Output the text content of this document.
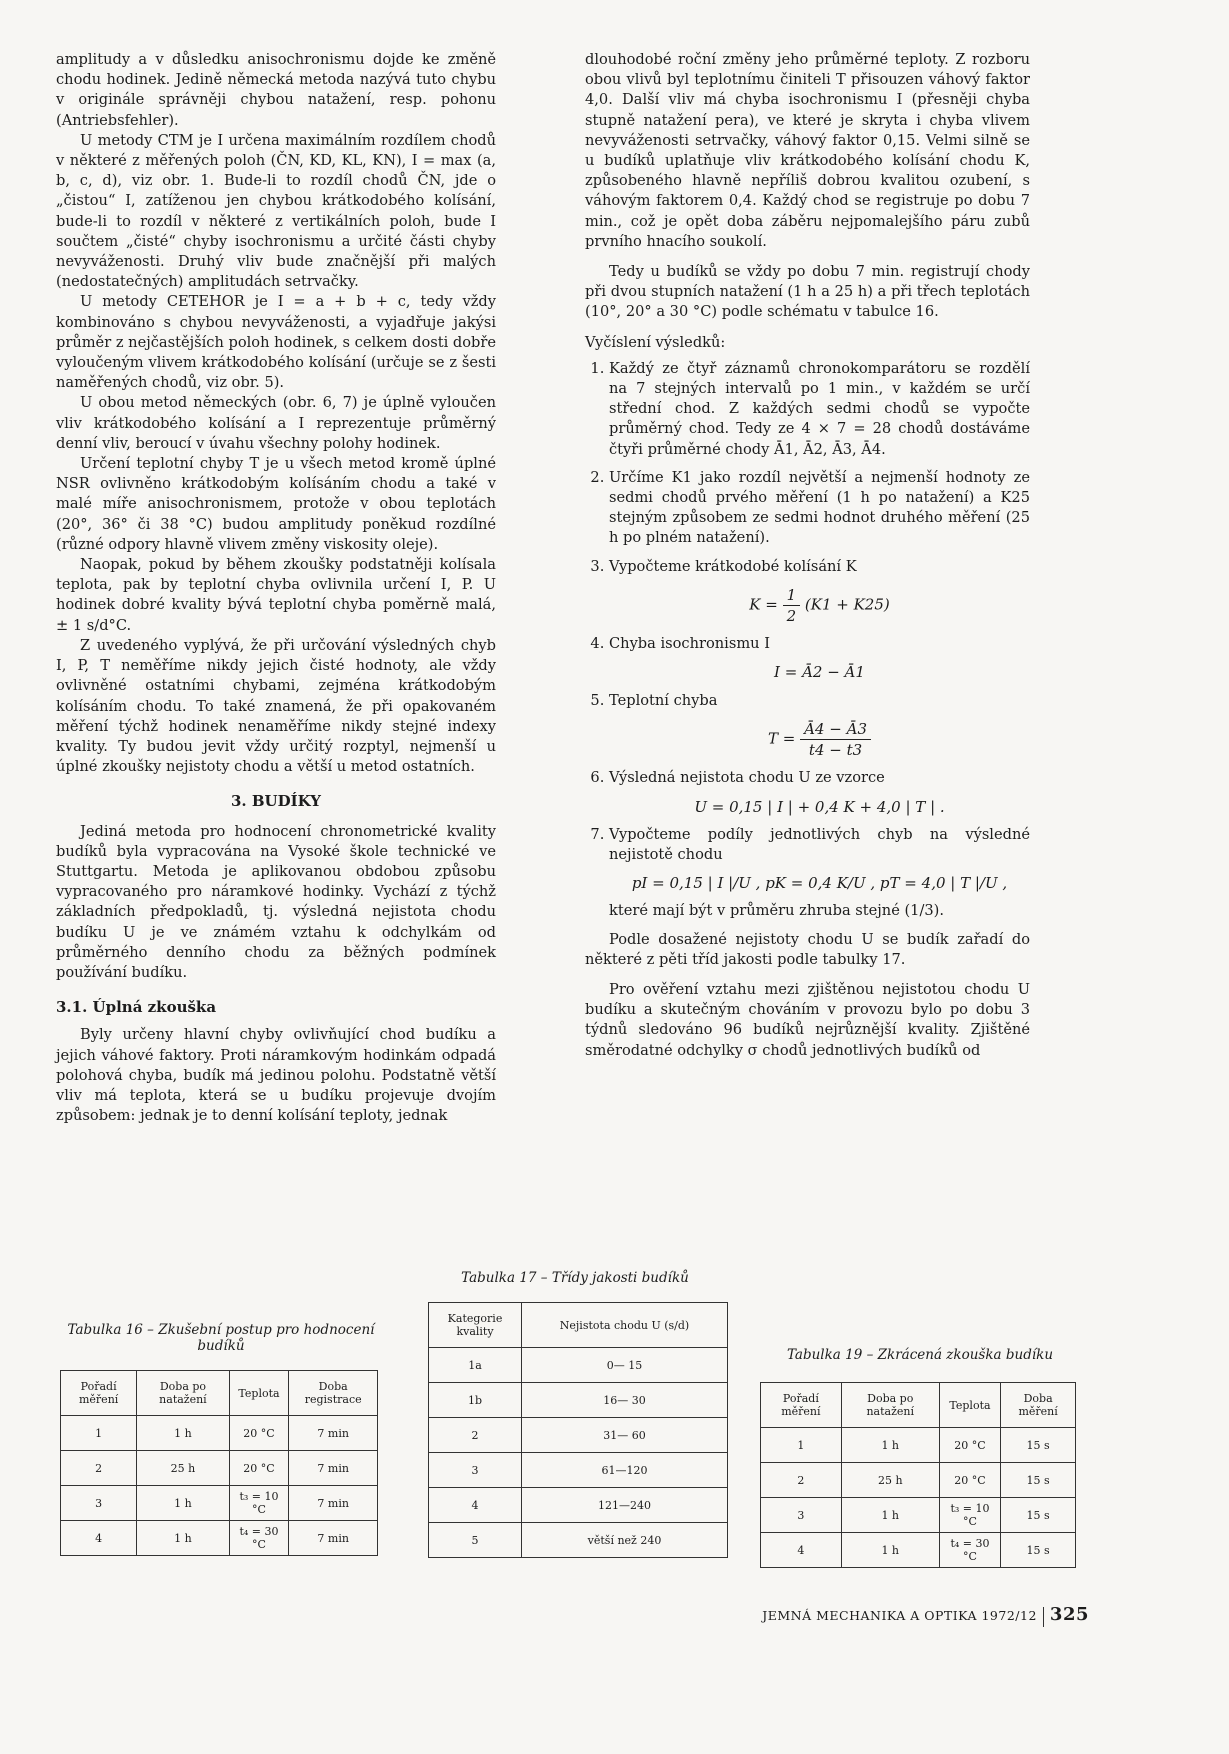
amplitudy a v důsledku anisochronismu dojde ke změně chodu hodinek. Jedině německá metoda nazývá tuto chybu v originále správněji chybou natažení, resp. pohonu (Antriebsfehler).

U metody CTM je I určena maximálním rozdílem chodů v některé z měřených poloh (ČN, KD, KL, KN), I = max (a, b, c, d), viz obr. 1. Bude-li to rozdíl chodů ČN, jde o „čistou“ I, zatíženou jen chybou krátkodobého kolísání, bude-li to rozdíl v některé z vertikálních poloh, bude I součtem „čisté“ chyby isochronismu a určité části chyby nevyváženosti. Druhý vliv bude značnější při malých (nedostatečných) amplitudách setrvačky.

U metody CETEHOR je I = a + b + c, tedy vždy kombinováno s chybou nevyváženosti, a vyjadřuje jakýsi průměr z nejčastějších poloh hodinek, s celkem dosti dobře vyloučeným vlivem krátkodobého kolísání (určuje se z šesti naměřených chodů, viz obr. 5).

U obou metod německých (obr. 6, 7) je úplně vyloučen vliv krátkodobého kolísání a I reprezentuje průměrný denní vliv, beroucí v úvahu všechny polohy hodinek.

Určení teplotní chyby T je u všech metod kromě úplné NSR ovlivněno krátkodobým kolísáním chodu a také v malé míře anisochronismem, protože v obou teplotách (20°, 36° či 38 °C) budou amplitudy poněkud rozdílné (různé odpory hlavně vlivem změny viskosity oleje).

Naopak, pokud by během zkoušky podstatněji kolísala teplota, pak by teplotní chyba ovlivnila určení I, P. U hodinek dobré kvality bývá teplotní chyba poměrně malá, ± 1 s/d°C.

Z uvedeného vyplývá, že při určování výsledných chyb I, P, T neměříme nikdy jejich čisté hodnoty, ale vždy ovlivněné ostatními chybami, zejména krátkodobým kolísáním chodu. To také znamená, že při opakovaném měření týchž hodinek nenaměříme nikdy stejné indexy kvality. Ty budou jevit vždy určitý rozptyl, nejmenší u úplné zkoušky nejistoty chodu a větší u metod ostatních.

3. BUDÍKY

Jediná metoda pro hodnocení chronometrické kvality budíků byla vypracována na Vysoké škole technické ve Stuttgartu. Metoda je aplikovanou obdobou způsobu vypracovaného pro náramkové hodinky. Vychází z týchž základních předpokladů, tj. výsledná nejistota chodu budíku U je ve známém vztahu k odchylkám od průměrného denního chodu za běžných podmínek používání budíku.

3.1. Úplná zkouška

Byly určeny hlavní chyby ovlivňující chod budíku a jejich váhové faktory. Proti náramkovým hodinkám odpadá polohová chyba, budík má jedinou polohu. Podstatně větší vliv má teplota, která se u budíku projevuje dvojím způsobem: jednak je to denní kolísání teploty, jednak

dlouhodobé roční změny jeho průměrné teploty. Z rozboru obou vlivů byl teplotnímu činiteli T přisouzen váhový faktor 4,0. Další vliv má chyba isochronismu I (přesněji chyba stupně natažení pera), ve které je skryta i chyba vlivem nevyváženosti setrvačky, váhový faktor 0,15. Velmi silně se u budíků uplatňuje vliv krátkodobého kolísání chodu K, způsobeného hlavně nepříliš dobrou kvalitou ozubení, s váhovým faktorem 0,4. Každý chod se registruje po dobu 7 min., což je opět doba záběru nejpomalejšího páru zubů prvního hnacího soukolí.

Tedy u budíků se vždy po dobu 7 min. registrují chody při dvou stupních natažení (1 h a 25 h) a při třech teplotách (10°, 20° a 30 °C) podle schématu v tabulce 16.

Vyčíslení výsledků:

1. Každý ze čtyř záznamů chronokomparátoru se rozdělí na 7 stejných intervalů po 1 min., v každém se určí střední chod. Z každých sedmi chodů se vypočte průměrný chod. Tedy ze 4 × 7 = 28 chodů dostáváme čtyři průměrné chody Ā1, Ā2, Ā3, Ā4.
2. Určíme K1 jako rozdíl největší a nejmenší hodnoty ze sedmi chodů prvého měření (1 h po natažení) a K25 stejným způsobem ze sedmi hodnot druhého měření (25 h po plném natažení).
3. Vypočteme krátkodobé kolísání K
$K = \frac{1}{2} (K1 + K25)$
4. Chyba isochronismu I
I = Ā2 − Ā1
5. Teplotní chyba
$T = \frac{Ā4 - Ā3}{t4 - t3}$
6. Výsledná nejistota chodu U ze vzorce
U = 0,15 | I | + 0,4 K + 4,0 | T | .
7. Vypočteme podíly jednotlivých chyb na výsledné nejistotě chodu
pI = 0,15 | I |/U , pK = 0,4 K/U , pT = 4,0 | T |/U ,
které mají být v průměru zhruba stejné (1/3).

Podle dosažené nejistoty chodu U se budík zařadí do některé z pěti tříd jakosti podle tabulky 17.

Pro ověření vztahu mezi zjištěnou nejistotou chodu U budíku a skutečným chováním v provozu bylo po dobu 3 týdnů sledováno 96 budíků nejrůznější kvality. Zjištěné směrodatné odchylky σ chodů jednotlivých budíků od

Tabulka 16 – Zkušební postup pro hodnocení budíků
Pořadí měření	Doba po natažení	Teplota	Doba registrace
1	1 h	20 °C	7 min
2	25 h	20 °C	7 min
3	1 h	t₃ = 10 °C	7 min
4	1 h	t₄ = 30 °C	7 min
Tabulka 17 – Třídy jakosti budíků
Kategorie kvality	Nejistota chodu U (s/d)
1a	0— 15
1b	16— 30
2	31— 60
3	61—120
4	121—240
5	větší než 240
Tabulka 19 – Zkrácená zkouška budíku
Pořadí měření	Doba po natažení	Teplota	Doba měření
1	1 h	20 °C	15 s
2	25 h	20 °C	15 s
3	1 h	t₃ = 10 °C	15 s
4	1 h	t₄ = 30 °C	15 s
JEMNÁ MECHANIKA A OPTIKA 1972/12 325
